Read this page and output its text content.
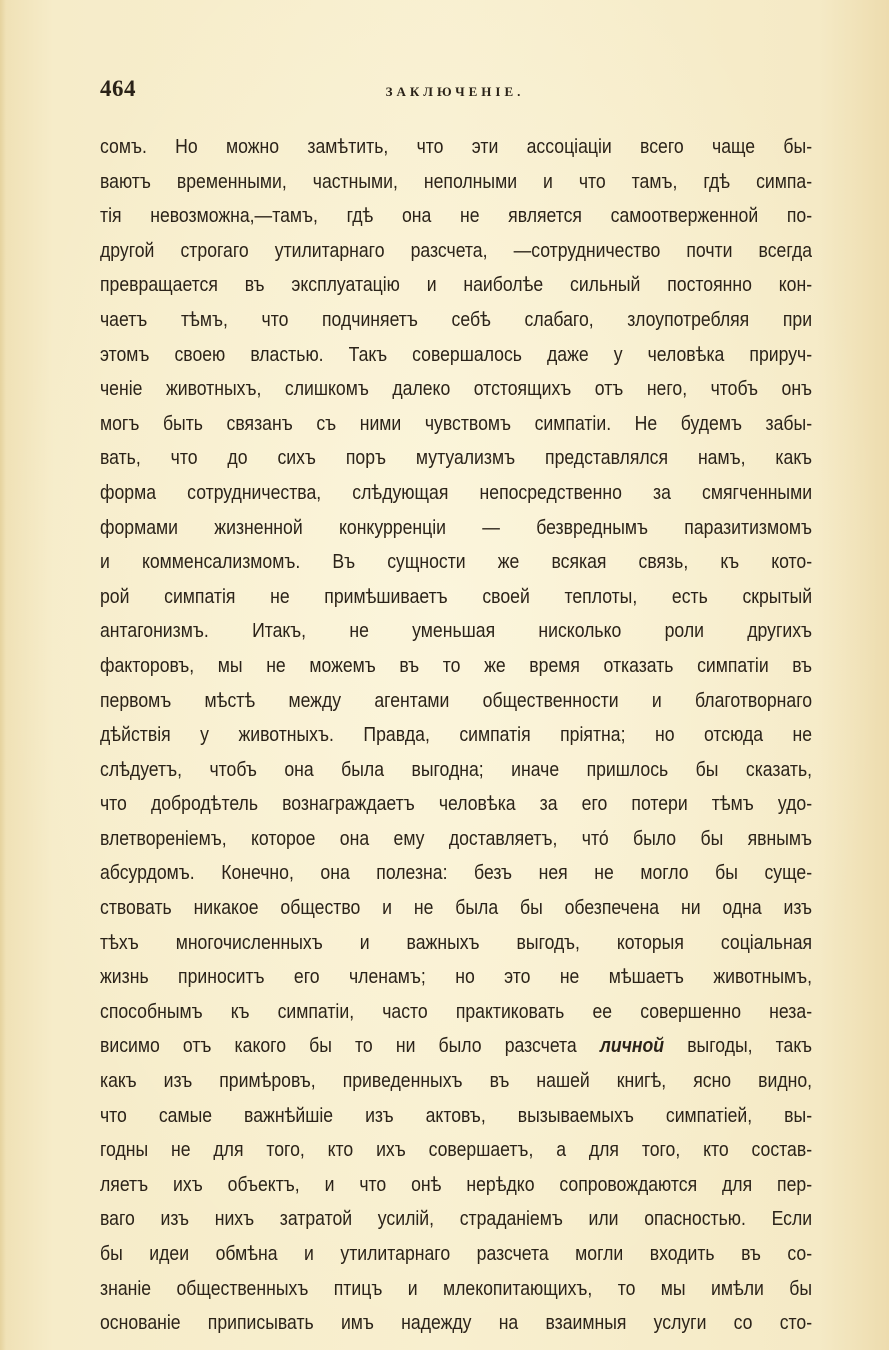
464	ЗАКЛЮЧЕНІЕ.
сомъ. Но можно замѣтить, что эти ассоціаціи всего чаще бы-
ваютъ временными, частными, неполными и что тамъ, гдѣ симпа-
тія невозможна,—тамъ, гдѣ она не является самоотверженной по-
другой строгаго утилитарнаго разсчета, —сотрудничество почти всегда
превращается въ эксплуатацію и наиболѣе сильный постоянно кон-
чаетъ тѣмъ, что подчиняетъ себѣ слабаго, злоупотребляя при
этомъ своею властью. Такъ совершалось даже у человѣка прируч-
ченіе животныхъ, слишкомъ далеко отстоящихъ отъ него, чтобъ онъ
могъ быть связанъ съ ними чувствомъ симпатіи. Не будемъ забы-
вать, что до сихъ поръ мутуализмъ представлялся намъ, какъ
форма сотрудничества, слѣдующая непосредственно за смягченными
формами жизненной конкурренціи — безвреднымъ паразитизмомъ
и комменсализмомъ. Въ сущности же всякая связь, къ кото-
рой симпатія не примѣшиваетъ своей теплоты, есть скрытый
антагонизмъ. Итакъ, не уменьшая нисколько роли другихъ
факторовъ, мы не можемъ въ то же время отказать симпатіи въ
первомъ мѣстѣ между агентами общественности и благотворнаго
дѣйствія у животныхъ. Правда, симпатія пріятна; но отсюда не
слѣдуетъ, чтобъ она была выгодна; иначе пришлось бы сказать,
что добродѣтель вознаграждаетъ человѣка за его потери тѣмъ удо-
влетвореніемъ, которое она ему доставляетъ, что́ было бы явнымъ
абсурдомъ. Конечно, она полезна: безъ нея не могло бы суще-
ствовать никакое общество и не была бы обезпечена ни одна изъ
тѣхъ многочисленныхъ и важныхъ выгодъ, которыя соціальная
жизнь приноситъ его членамъ; но это не мѣшаетъ животнымъ,
способнымъ къ симпатіи, часто практиковать ее совершенно неза-
висимо отъ какого бы то ни было разсчета личной выгоды, такъ
какъ изъ примѣровъ, приведенныхъ въ нашей книгѣ, ясно видно,
что самые важнѣйшіе изъ актовъ, вызываемыхъ симпатіей, вы-
годны не для того, кто ихъ совершаетъ, а для того, кто состав-
ляетъ ихъ объектъ, и что онѣ нерѣдко сопровождаются для пер-
ваго изъ нихъ затратой усилій, страданіемъ или опасностью. Если
бы идеи обмѣна и утилитарнаго разсчета могли входить въ со-
знаніе общественныхъ птицъ и млекопитающихъ, то мы имѣли бы
основаніе приписывать имъ надежду на взаимныя услуги со сто-
